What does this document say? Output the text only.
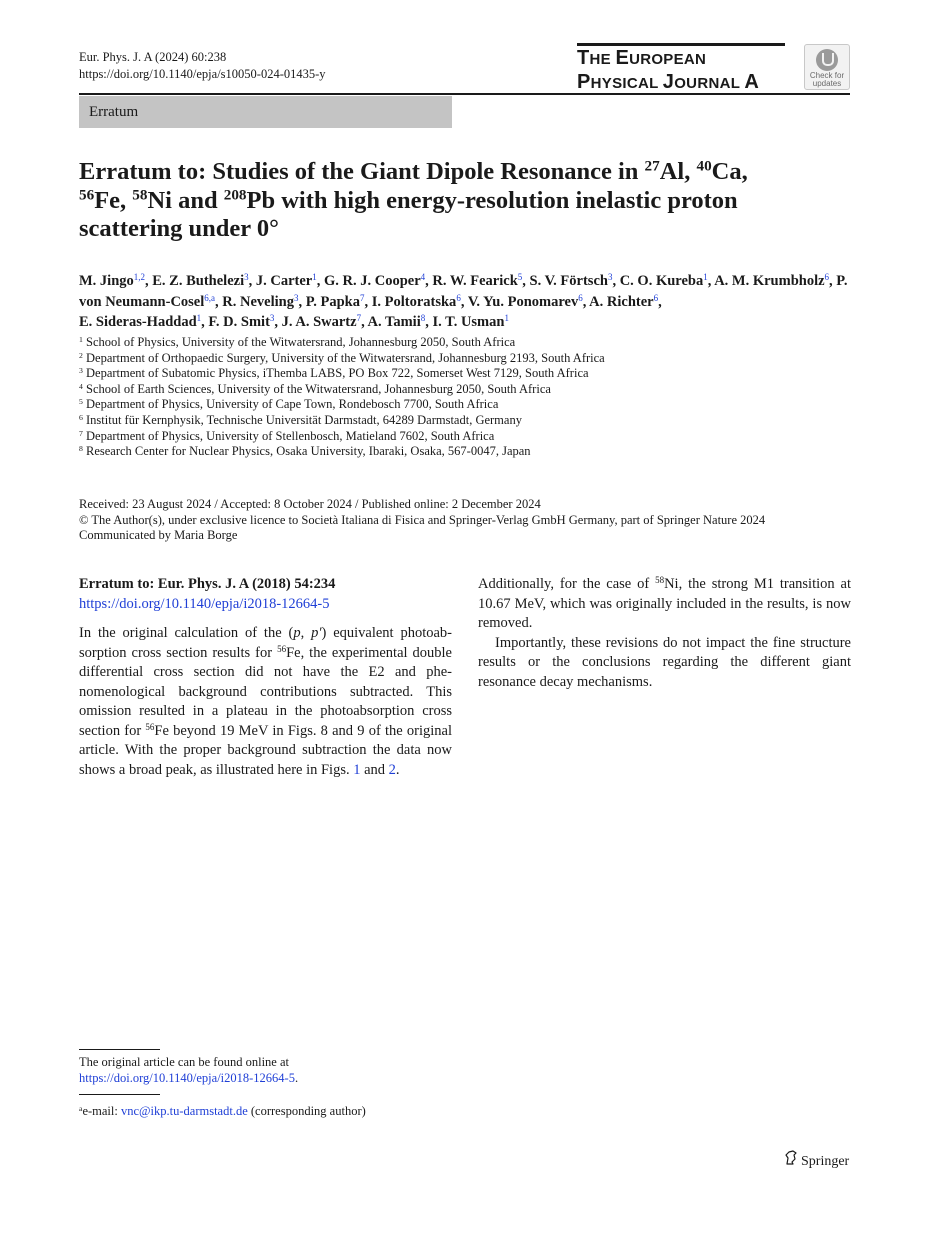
Eur. Phys. J. A (2024) 60:238
https://doi.org/10.1140/epja/s10050-024-01435-y
THE EUROPEAN
PHYSICAL JOURNAL A	Check for
updates
Erratum
Erratum to: Studies of the Giant Dipole Resonance in $^{27}$Al, $^{40}$Ca,
$^{56}$Fe, $^{58}$Ni and $^{208}$Pb with high energy-resolution inelastic proton
scattering under 0°
M. Jingo$^{1,2}$, E. Z. Buthelezi$^3$, J. Carter$^1$, G. R. J. Cooper$^4$, R. W. Fearick$^5$, S. V. Förtsch$^3$, C. O. Kureba$^1$, A. M. Krumbholz$^6$, P. von Neumann-Cosel$^{6,a}$, R. Neveling$^3$, P. Papka$^7$, I. Poltoratska$^6$, V. Yu. Ponomarev$^6$, A. Richter$^6$,
E. Sideras-Haddad$^1$, F. D. Smit$^3$, J. A. Swartz$^7$, A. Tamii$^8$, I. T. Usman$^1$
$^1$ School of Physics, University of the Witwatersrand, Johannesburg 2050, South Africa
$^2$ Department of Orthopaedic Surgery, University of the Witwatersrand, Johannesburg 2193, South Africa
$^3$ Department of Subatomic Physics, iThemba LABS, PO Box 722, Somerset West 7129, South Africa
$^4$ School of Earth Sciences, University of the Witwatersrand, Johannesburg 2050, South Africa
$^5$ Department of Physics, University of Cape Town, Rondebosch 7700, South Africa
$^6$ Institut für Kernphysik, Technische Universität Darmstadt, 64289 Darmstadt, Germany
$^7$ Department of Physics, University of Stellenbosch, Matieland 7602, South Africa
$^8$ Research Center for Nuclear Physics, Osaka University, Ibaraki, Osaka, 567-0047, Japan
Received: 23 August 2024 / Accepted: 8 October 2024 / Published online: 2 December 2024
© The Author(s), under exclusive licence to Società Italiana di Fisica and Springer-Verlag GmbH Germany, part of Springer Nature 2024
Communicated by Maria Borge

Erratum to: Eur. Phys. J. A (2018) 54:234

https://doi.org/10.1140/epja/i2018-12664-5

In the original calculation of the (p, p′) equivalent photoabsorption cross section results for $^{56}$Fe, the experimental double differential cross section did not have the E2 and phenomenological background contributions subtracted. This omission resulted in a plateau in the photoabsorption cross section for $^{56}$Fe beyond 19 MeV in Figs. 8 and 9 of the original article. With the proper background subtraction the data now shows a broad peak, as illustrated here in Figs. 1 and 2.

Additionally, for the case of $^{58}$Ni, the strong M1 transition at 10.67 MeV, which was originally included in the results, is now removed.

Importantly, these revisions do not impact the fine structure results or the conclusions regarding the different giant resonance decay mechanisms.

The original article can be found online at https://doi.org/10.1140/epja/i2018-12664-5.
$^a$e-mail: vnc@ikp.tu-darmstadt.de (corresponding author)
Springer
